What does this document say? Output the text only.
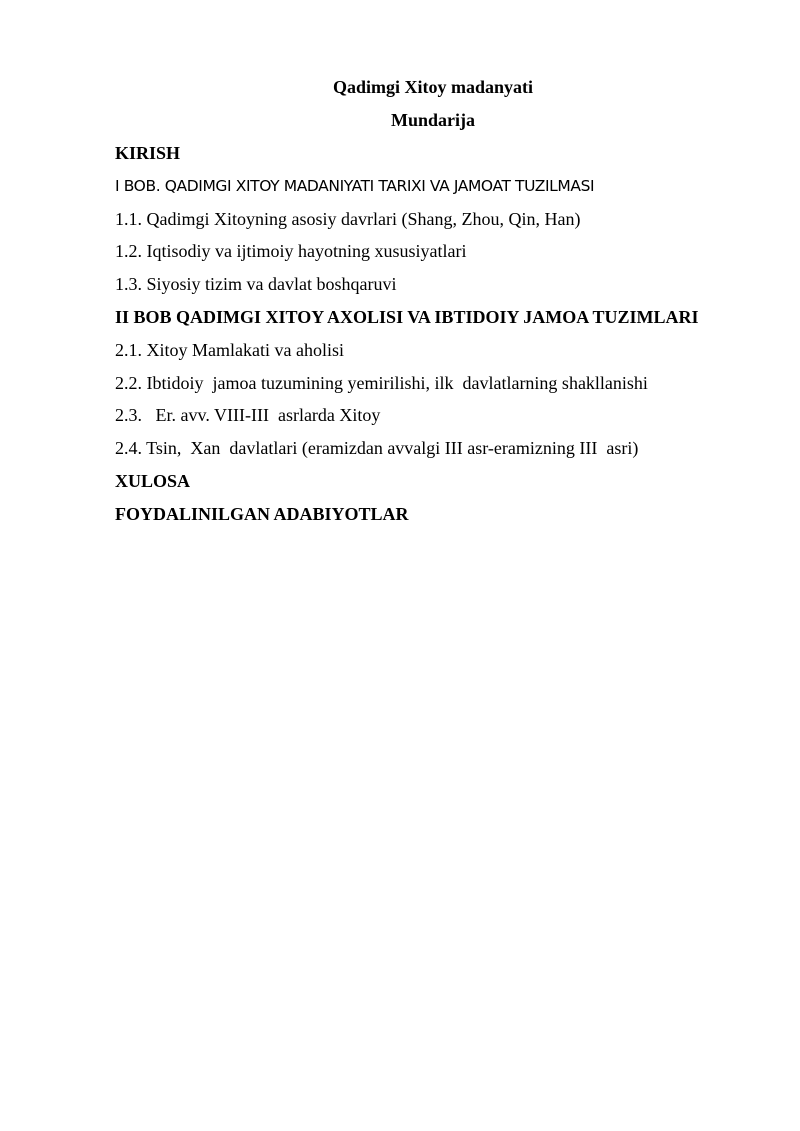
Qadimgi Xitoy madanyati
Mundarija
KIRISH
I BOB. QADIMGI XITOY MADANIYATI TARIXI VA JAMOAT TUZILMASI
1.1. Qadimgi Xitoyning asosiy davrlari (Shang, Zhou, Qin, Han)
1.2. Iqtisodiy va ijtimoiy hayotning xususiyatlari
1.3. Siyosiy tizim va davlat boshqaruvi
II BOB QADIMGI XITOY AXOLISI VA IBTIDOIY JAMOA TUZIMLARI
2.1. Xitoy Mamlakati va aholisi
2.2. Ibtidoiy  jamoa tuzumining yemirilishi, ilk  davlatlarning shakllanishi
2.3.   Er. avv. VIII-III  asrlarda Xitoy
2.4. Tsin,  Xan  davlatlari (eramizdan avvalgi III asr-eramizning III  asri)
XULOSA
FOYDALINILGAN ADABIYOTLAR
